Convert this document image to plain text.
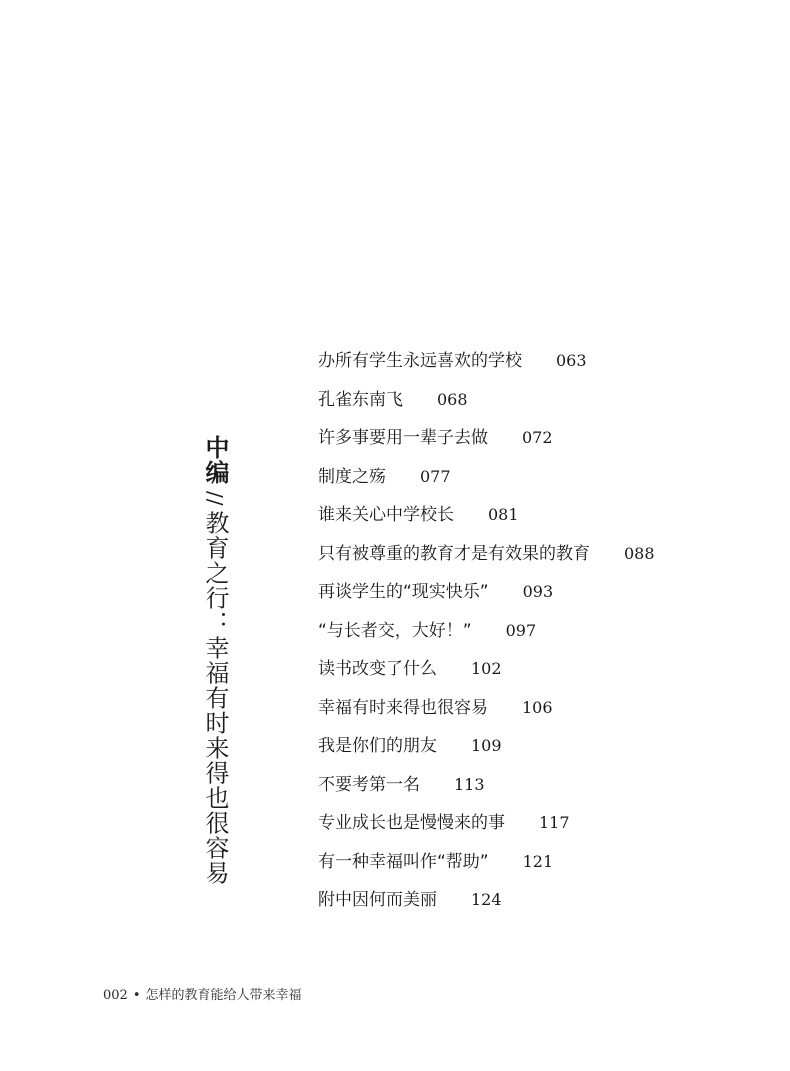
中编//教育之行：幸福有时来得也很容易
办所有学生永远喜欢的学校 063
孔雀东南飞 068
许多事要用一辈子去做 072
制度之殇 077
谁来关心中学校长 081
只有被尊重的教育才是有效果的教育 088
再谈学生的“现实快乐” 093
“与长者交，大好！” 097
读书改变了什么 102
幸福有时来得也很容易 106
我是你们的朋友 109
不要考第一名 113
专业成长也是慢慢来的事 117
有一种幸福叫作“帮助” 121
附中因何而美丽 124
002 • 怎样的教育能给人带来幸福
